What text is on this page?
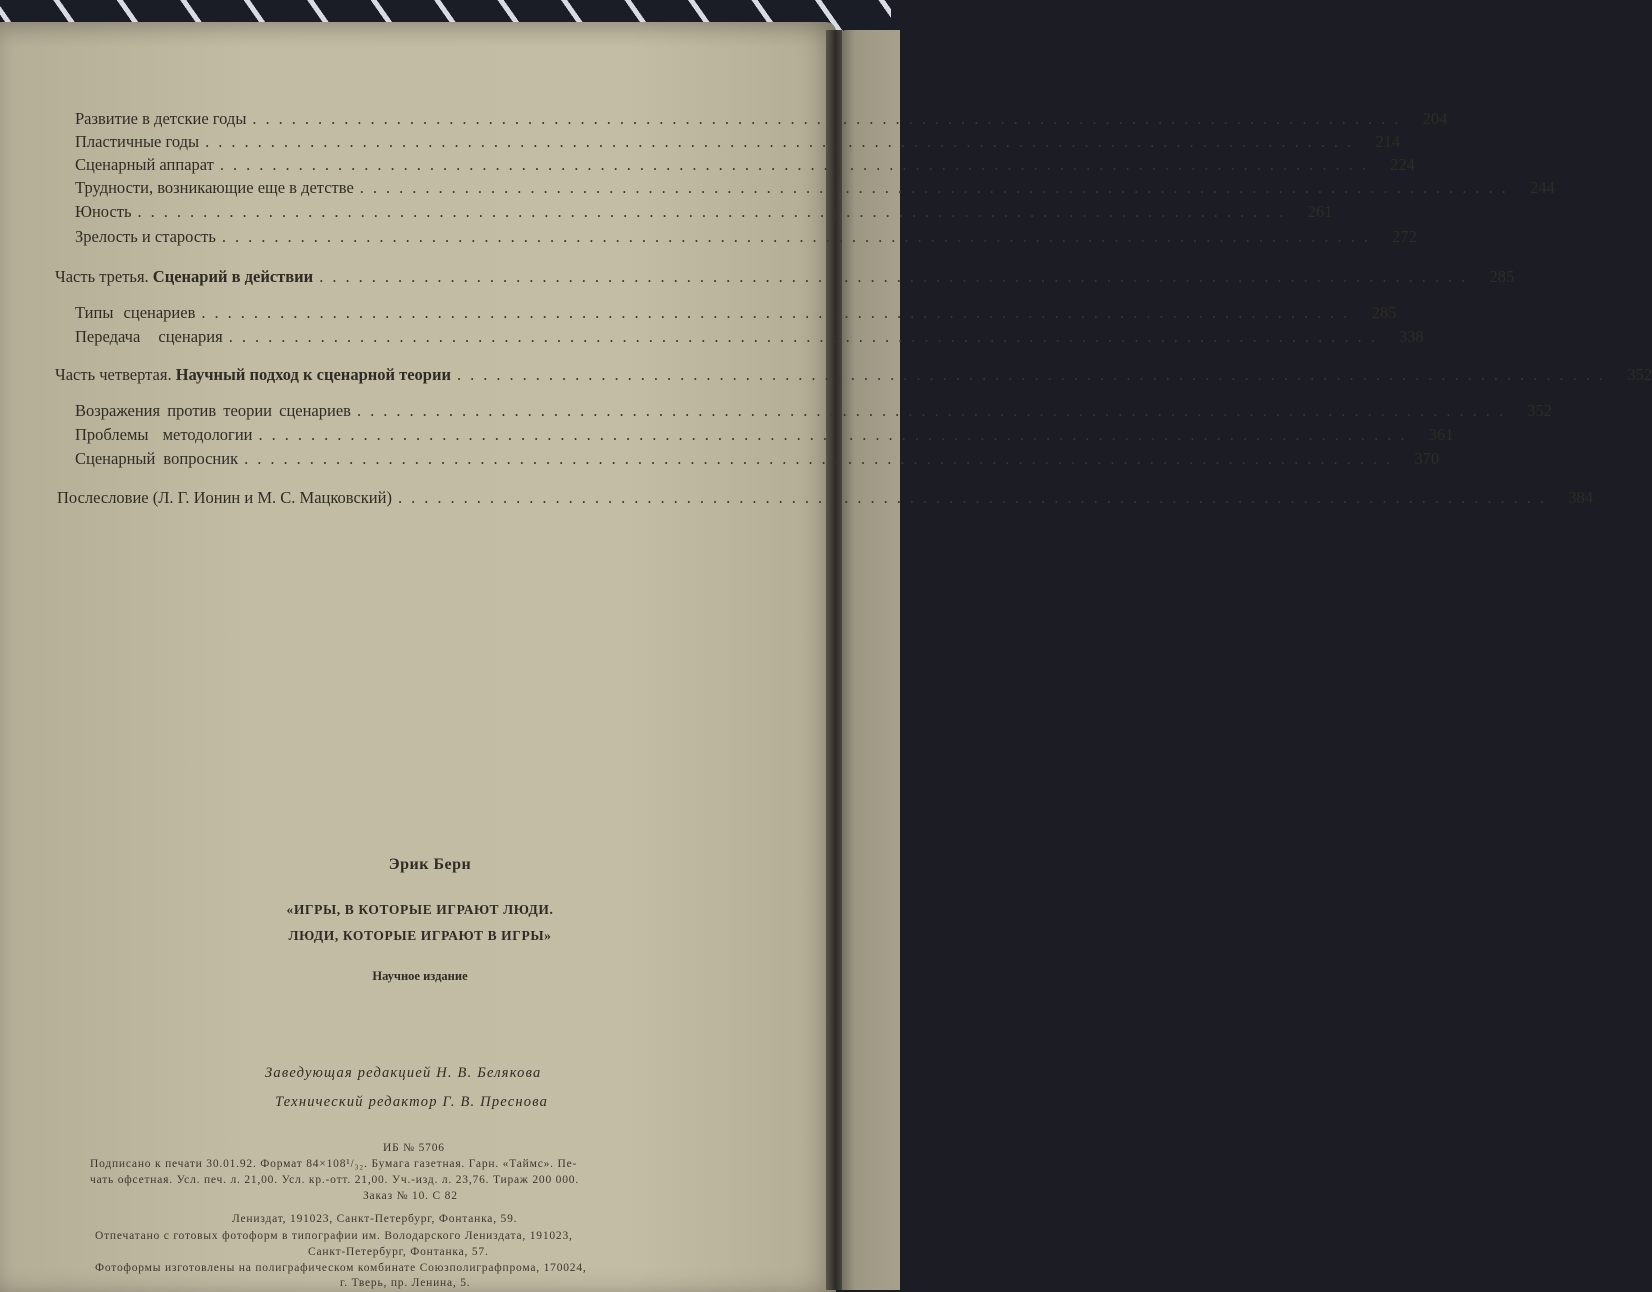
Развитие в детские годы ........................................................................................ 204
Пластичные годы ........................................................................................ 214
Сценарный аппарат ........................................................................................ 224
Трудности, возникающие еще в детстве ........................................................................................ 244
Юность ........................................................................................ 261
Зрелость и старость ........................................................................................ 272
Часть третья. Сценарий в действии ........................................................................................ 285
Типы сценариев ........................................................................................ 285
Передача сценария ........................................................................................ 338
Часть четвертая. Научный подход к сценарной теории ........................................................................................ 352
Возражения против теории сценариев ........................................................................................ 352
Проблемы методологии ........................................................................................ 361
Сценарный вопросник ........................................................................................ 370
Послесловие (Л. Г. Ионин и М. С. Мацковский) ........................................................................................ 384
Эрик Берн
«ИГРЫ, В КОТОРЫЕ ИГРАЮТ ЛЮДИ.
ЛЮДИ, КОТОРЫЕ ИГРАЮТ В ИГРЫ»
Научное издание
Заведующая редакцией Н. В. Белякова
Технический редактор Г. В. Преснова
ИБ № 5706
Подписано к печати 30.01.92. Формат 84×108¹/₃₂. Бумага газетная. Гарн. «Таймс». Пе-
чать офсетная. Усл. печ. л. 21,00. Усл. кр.-отт. 21,00. Уч.-изд. л. 23,76. Тираж 200 000.
Заказ № 10. С 82
Лениздат, 191023, Санкт-Петербург, Фонтанка, 59.
Отпечатано с готовых фотоформ в типографии им. Володарского Лениздата, 191023,
Санкт-Петербург, Фонтанка, 57.
Фотоформы изготовлены на полиграфическом комбинате Союзполиграфпрома, 170024,
г. Тверь, пр. Ленина, 5.
